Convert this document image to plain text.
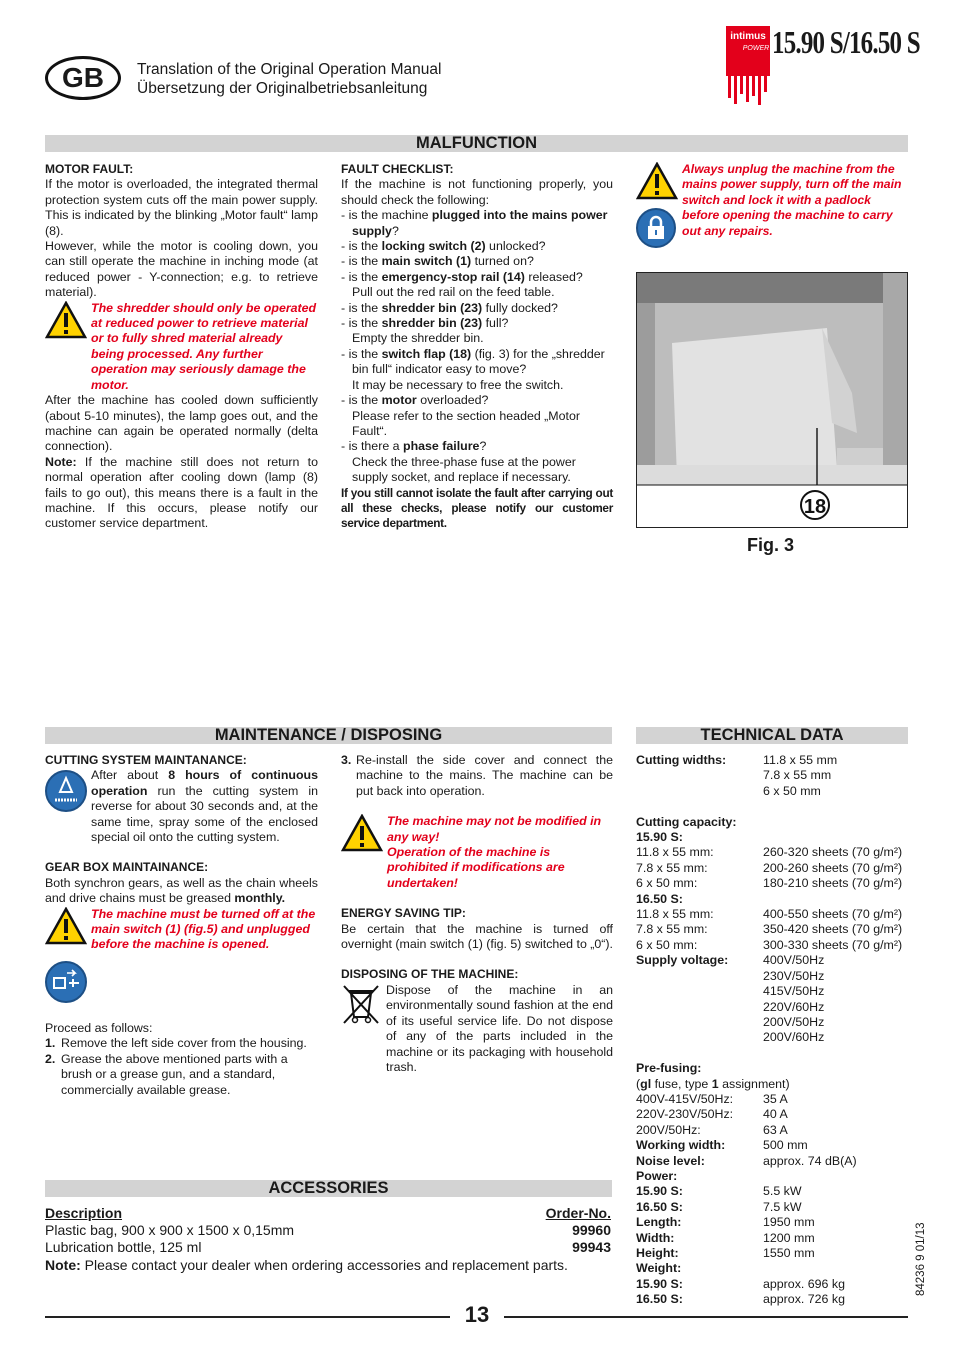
GB	Translation of the Original Operation Manual
Übersetzung der Originalbetriebsanleitung
intimus
POWER 15.90 S/16.50 S
MALFUNCTION

MOTOR FAULT:

If the motor is overloaded, the integrated thermal protection system cuts off the main power supply. This is indicated by the blinking „Motor fault“ lamp (8).

However, while the motor is cooling down, you can still operate the machine in inching mode (at reduced power - Y-connection; e.g. to retrieve material).

The shredder should only be operated at reduced power to retrieve material or to fully shred material already being processed. Any further operation may seriously damage the motor.

After the machine has cooled down sufficiently (about 5-10 minutes), the lamp goes out, and the machine can again be operated normally (delta connection).

Note: If the machine still does not return to normal operation after cooling down (lamp (8) fails to go out), this means there is a fault in the machine. If this occurs, please notify our customer service department.

FAULT CHECKLIST:

If the machine is not functioning properly, you should check the following:

- is the machine plugged into the mains power supply?
- is the locking switch (2) unlocked?
- is the main switch (1) turned on?
- is the emergency-stop rail (14) released?
Pull out the red rail on the feed table.
- is the shredder bin (23) fully docked?
- is the shredder bin (23) full?
Empty the shredder bin.
- is the switch flap (18) (fig. 3) for the „shredder bin full“ indicator easy to move?
It may be necessary to free the switch.
- is the motor overloaded?
Please refer to the section headed „Motor Fault“.
- is there a phase failure?
Check the three-phase fuse at the power supply socket, and replace if necessary.

If you still cannot isolate the fault after carrying out all these checks, please notify our customer service department.

Always unplug the machine from the mains power supply, turn off the main switch and lock it with a padlock before opening the machine to carry out any repairs.

18
Fig. 3
MAINTENANCE / DISPOSING

CUTTING SYSTEM MAINTANANCE:

After about 8 hours of continuous operation run the cutting system in reverse for about 30 seconds and, at the same time, spray some of the enclosed special oil onto the cutting system.

GEAR BOX MAINTAINANCE:

Both synchron gears, as well as the chain wheels and drive chains must be greased monthly.

The machine must be turned off at the main switch (1) (fig.5) and unplugged before the machine is opened.

Proceed as follows:

1. Remove the left side cover from the housing.
2. Grease the above mentioned parts with a brush or a grease gun, and a standard, commercially available grease.
3. Re-install the side cover and connect the machine to the mains. The machine can be put back into operation.

The machine may not be modified in any way!

Operation of the machine is prohibited if modifications are undertaken!

ENERGY SAVING TIP:

Be certain that the machine is turned off overnight (main switch (1) (fig. 5) switched to „0“).

DISPOSING OF THE MACHINE:

Dispose of the machine in an environmentally sound fashion at the end of its useful service life. Do not dispose of any of the parts included in the machine or its packaging with household trash.

TECHNICAL DATA
Cutting widths:	11.8 x 55 mm
	7.8 x 55 mm
	6 x 50 mm

Cutting capacity:	
15.90 S:	
11.8 x 55 mm:	260-320 sheets (70 g/m²)
7.8 x 55 mm:	200-260 sheets (70 g/m²)
6 x 50 mm:	180-210 sheets (70 g/m²)
16.50 S:	
11.8 x 55 mm:	400-550 sheets (70 g/m²)
7.8 x 55 mm:	350-420 sheets (70 g/m²)
6 x 50 mm:	300-330 sheets (70 g/m²)
Supply voltage:	400V/50Hz
	230V/50Hz
	415V/50Hz
	220V/60Hz
	200V/50Hz
	200V/60Hz

Pre-fusing:	
(gl fuse, type 1 assignment)
400V-415V/50Hz:	35 A
220V-230V/50Hz:	40 A
200V/50Hz:	63 A
Working width:	500 mm
Noise level:	approx. 74 dB(A)
Power:	
15.90 S:	5.5 kW
16.50 S:	7.5 kW
Length:	1950 mm
Width:	1200 mm
Height:	1550 mm
Weight:	
15.90 S:	approx. 696 kg
16.50 S:	approx. 726 kg
ACCESSORIES
Description	Order-No.
Plastic bag, 900 x 900 x 1500 x 0,15mm	99960
Lubrication bottle, 125 ml	99943
Note: Please contact your dealer when ordering accessories and replacement parts.
13
84236 9 01/13
